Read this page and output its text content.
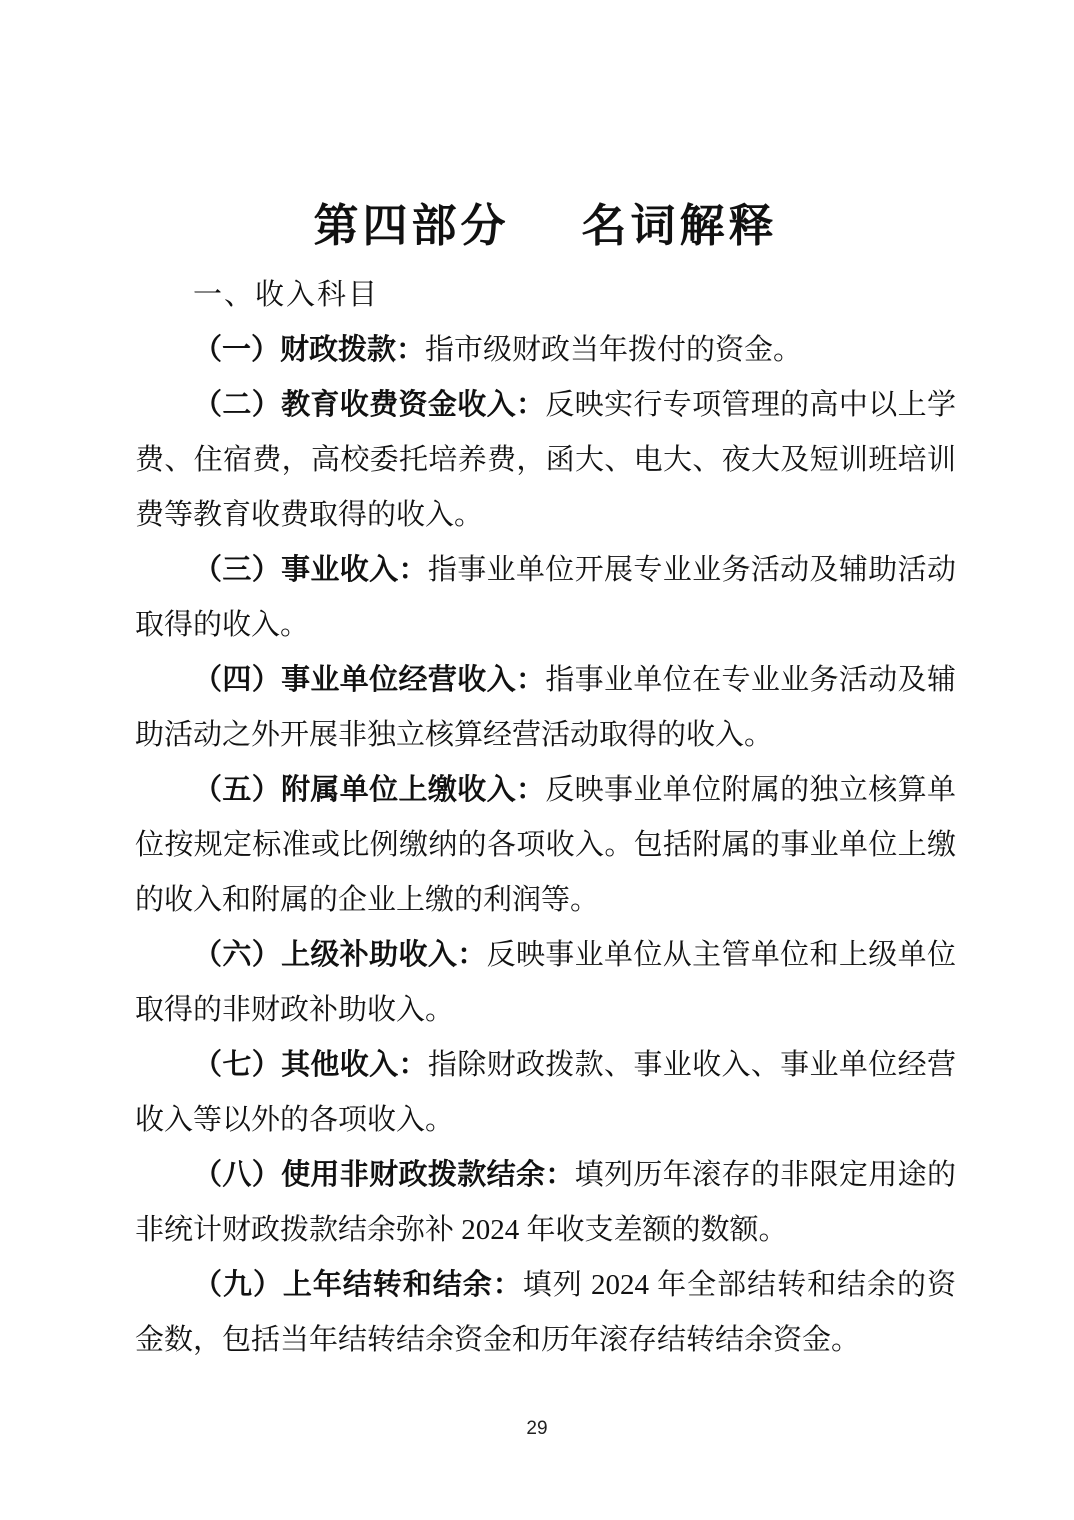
第四部分 名词解释

一、收入科目

（一）财政拨款：指市级财政当年拨付的资金。

（二）教育收费资金收入：反映实行专项管理的高中以上学费、住宿费，高校委托培养费，函大、电大、夜大及短训班培训费等教育收费取得的收入。

（三）事业收入：指事业单位开展专业业务活动及辅助活动取得的收入。

（四）事业单位经营收入：指事业单位在专业业务活动及辅助活动之外开展非独立核算经营活动取得的收入。

（五）附属单位上缴收入：反映事业单位附属的独立核算单位按规定标准或比例缴纳的各项收入。包括附属的事业单位上缴的收入和附属的企业上缴的利润等。

（六）上级补助收入：反映事业单位从主管单位和上级单位取得的非财政补助收入。

（七）其他收入：指除财政拨款、事业收入、事业单位经营收入等以外的各项收入。

（八）使用非财政拨款结余：填列历年滚存的非限定用途的非统计财政拨款结余弥补 2024 年收支差额的数额。

（九）上年结转和结余：填列 2024 年全部结转和结余的资金数，包括当年结转结余资金和历年滚存结转结余资金。

29
